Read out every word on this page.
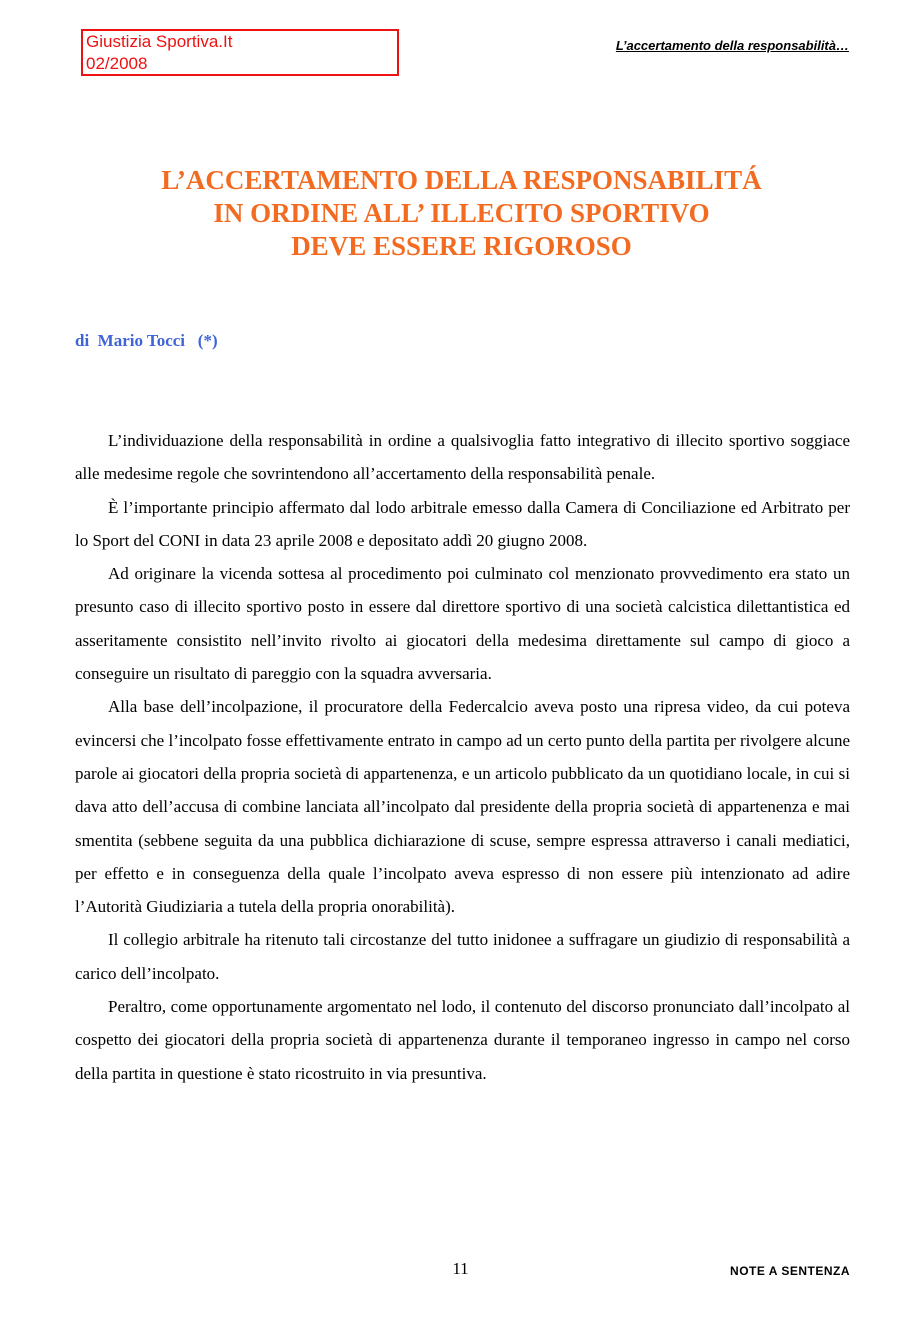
Giustizia Sportiva.It
02/2008
L’accertamento della responsabilità…
L’ACCERTAMENTO DELLA RESPONSABILITÁ
IN ORDINE ALL’ ILLECITO SPORTIVO
DEVE ESSERE RIGOROSO
di  Mario Tocci   (*)

L’individuazione della responsabilità in ordine a qualsivoglia fatto integrativo di illecito sportivo soggiace alle medesime regole che sovrintendono all’accertamento della responsabilità penale.

È l’importante principio affermato dal lodo arbitrale emesso dalla Camera di Conciliazione ed Arbitrato per lo Sport del CONI in data 23 aprile 2008 e depositato addì 20 giugno 2008.

Ad originare la vicenda sottesa al procedimento poi culminato col menzionato provvedimento era stato un presunto caso di illecito sportivo posto in essere dal direttore sportivo di una società calcistica dilettantistica ed asseritamente consistito nell’invito rivolto ai giocatori della medesima direttamente sul campo di gioco a conseguire un risultato di pareggio con la squadra avversaria.

Alla base dell’incolpazione, il procuratore della Federcalcio aveva posto una ripresa video, da cui poteva evincersi che l’incolpato fosse effettivamente entrato in campo ad un certo punto della partita per rivolgere alcune parole ai giocatori della propria società di appartenenza, e un articolo pubblicato da un quotidiano locale, in cui si dava atto dell’accusa di combine lanciata all’incolpato dal presidente della propria società di appartenenza e mai smentita (sebbene seguita da una pubblica dichiarazione di scuse, sempre espressa attraverso i canali mediatici, per effetto e in conseguenza della quale l’incolpato aveva espresso di non essere più intenzionato ad adire l’Autorità Giudiziaria a tutela della propria onorabilità).

Il collegio arbitrale ha ritenuto tali circostanze del tutto inidonee a suffragare un giudizio di responsabilità a carico dell’incolpato.

Peraltro, come opportunamente argomentato nel lodo, il contenuto del discorso pronunciato dall’incolpato al cospetto dei giocatori della propria società di appartenenza durante il temporaneo ingresso in campo nel corso della partita in questione è stato ricostruito in via presuntiva.

11	NOTE A SENTENZA
